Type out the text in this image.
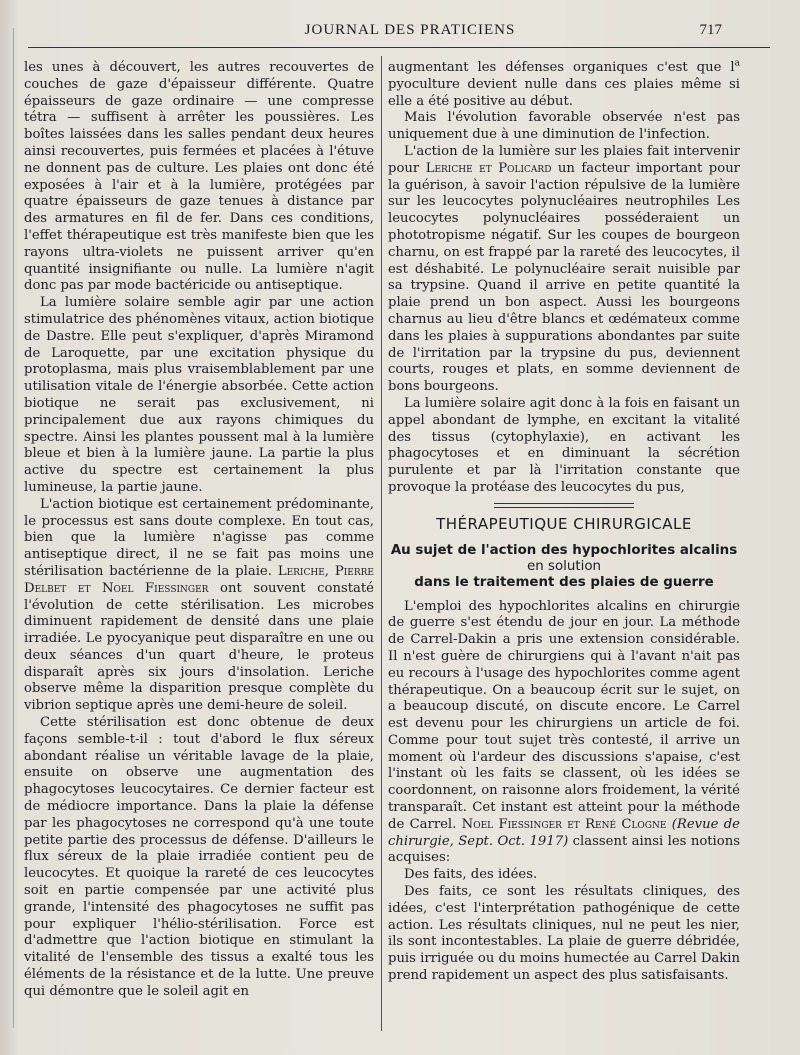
JOURNAL DES PRATICIENS	717

les unes à découvert, les autres recouvertes de couches de gaze d'épaisseur différente. Quatre épaisseurs de gaze ordinaire — une compresse tétra — suffisent à arrêter les poussières. Les boîtes laissées dans les salles pendant deux heures ainsi recouvertes, puis fermées et placées à l'étuve ne donnent pas de culture. Les plaies ont donc été exposées à l'air et à la lumière, protégées par quatre épaisseurs de gaze tenues à distance par des armatures en fil de fer. Dans ces conditions, l'effet thérapeutique est très manifeste bien que les rayons ultra-violets ne puissent arriver qu'en quantité insignifiante ou nulle. La lumière n'agit donc pas par mode bactéricide ou antiseptique.

La lumière solaire semble agir par une action stimulatrice des phénomènes vitaux, action biotique de Dastre. Elle peut s'expliquer, d'après Miramond de Laroquette, par une excitation physique du protoplasma, mais plus vraisemblablement par une utilisation vitale de l'énergie absorbée. Cette action biotique ne serait pas exclusivement, ni principalement due aux rayons chimiques du spectre. Ainsi les plantes poussent mal à la lumière bleue et bien à la lumière jaune. La partie la plus active du spectre est certainement la plus lumineuse, la partie jaune.

L'action biotique est certainement prédominante, le processus est sans doute complexe. En tout cas, bien que la lumière n'agisse pas comme antiseptique direct, il ne se fait pas moins une stérilisation bactérienne de la plaie. Leriche, Pierre Delbet et Noel Fiessinger ont souvent constaté l'évolution de cette stérilisation. Les microbes diminuent rapidement de densité dans une plaie irradiée. Le pyocyanique peut disparaître en une ou deux séances d'un quart d'heure, le proteus disparaît après six jours d'insolation. Leriche observe même la disparition presque complète du vibrion septique après une demi-heure de soleil.

Cette stérilisation est donc obtenue de deux façons semble-t-il : tout d'abord le flux séreux abondant réalise un véritable lavage de la plaie, ensuite on observe une augmentation des phagocytoses leucocytaires. Ce dernier facteur est de médiocre importance. Dans la plaie la défense par les phagocytoses ne correspond qu'à une toute petite partie des processus de défense. D'ailleurs le flux séreux de la plaie irradiée contient peu de leucocytes. Et quoique la rareté de ces leucocytes soit en partie compensée par une activité plus grande, l'intensité des phagocytoses ne suffit pas pour expliquer l'hélio-stérilisation. Force est d'admettre que l'action biotique en stimulant la vitalité de l'ensemble des tissus a exalté tous les éléments de la résistance et de la lutte. Une preuve qui démontre que le soleil agit en

augmentant les défenses organiques c'est que l$^a$ pyoculture devient nulle dans ces plaies même si elle a été positive au début.

Mais l'évolution favorable observée n'est pas uniquement due à une diminution de l'infection.

L'action de la lumière sur les plaies fait intervenir pour Leriche et Policard un facteur important pour la guérison, à savoir l'action répulsive de la lumière sur les leucocytes polynucléaires neutrophiles Les leucocytes polynucléaires posséderaient un phototropisme négatif. Sur les coupes de bourgeon charnu, on est frappé par la rareté des leucocytes, il est déshabité. Le polynucléaire serait nuisible par sa trypsine. Quand il arrive en petite quantité la plaie prend un bon aspect. Aussi les bourgeons charnus au lieu d'être blancs et œdémateux comme dans les plaies à suppurations abondantes par suite de l'irritation par la trypsine du pus, deviennent courts, rouges et plats, en somme deviennent de bons bourgeons.

La lumière solaire agit donc à la fois en faisant un appel abondant de lymphe, en excitant la vitalité des tissus (cytophylaxie), en activant les phagocytoses et en diminuant la sécrétion purulente et par là l'irritation constante que provoque la protéase des leucocytes du pus,

THÉRAPEUTIQUE CHIRURGICALE
Au sujet de l'action des hypochlorites alcalins
en solution
dans le traitement des plaies de guerre

L'emploi des hypochlorites alcalins en chirurgie de guerre s'est étendu de jour en jour. La méthode de Carrel-Dakin a pris une extension considérable. Il n'est guère de chirurgiens qui à l'avant n'ait pas eu recours à l'usage des hypochlorites comme agent thérapeutique. On a beaucoup écrit sur le sujet, on a beaucoup discuté, on discute encore. Le Carrel est devenu pour les chirurgiens un article de foi. Comme pour tout sujet très contesté, il arrive un moment où l'ardeur des discussions s'apaise, c'est l'instant où les faits se classent, où les idées se coordonnent, on raisonne alors froidement, la vérité transparaît. Cet instant est atteint pour la méthode de Carrel. Noel Fiessinger et René Clogne (Revue de chirurgie, Sept. Oct. 1917) classent ainsi les notions acquises:

Des faits, des idées.

Des faits, ce sont les résultats cliniques, des idées, c'est l'interprétation pathogénique de cette action. Les résultats cliniques, nul ne peut les nier, ils sont incontestables. La plaie de guerre débridée, puis irriguée ou du moins humectée au Carrel Dakin prend rapidement un aspect des plus satisfaisants.
